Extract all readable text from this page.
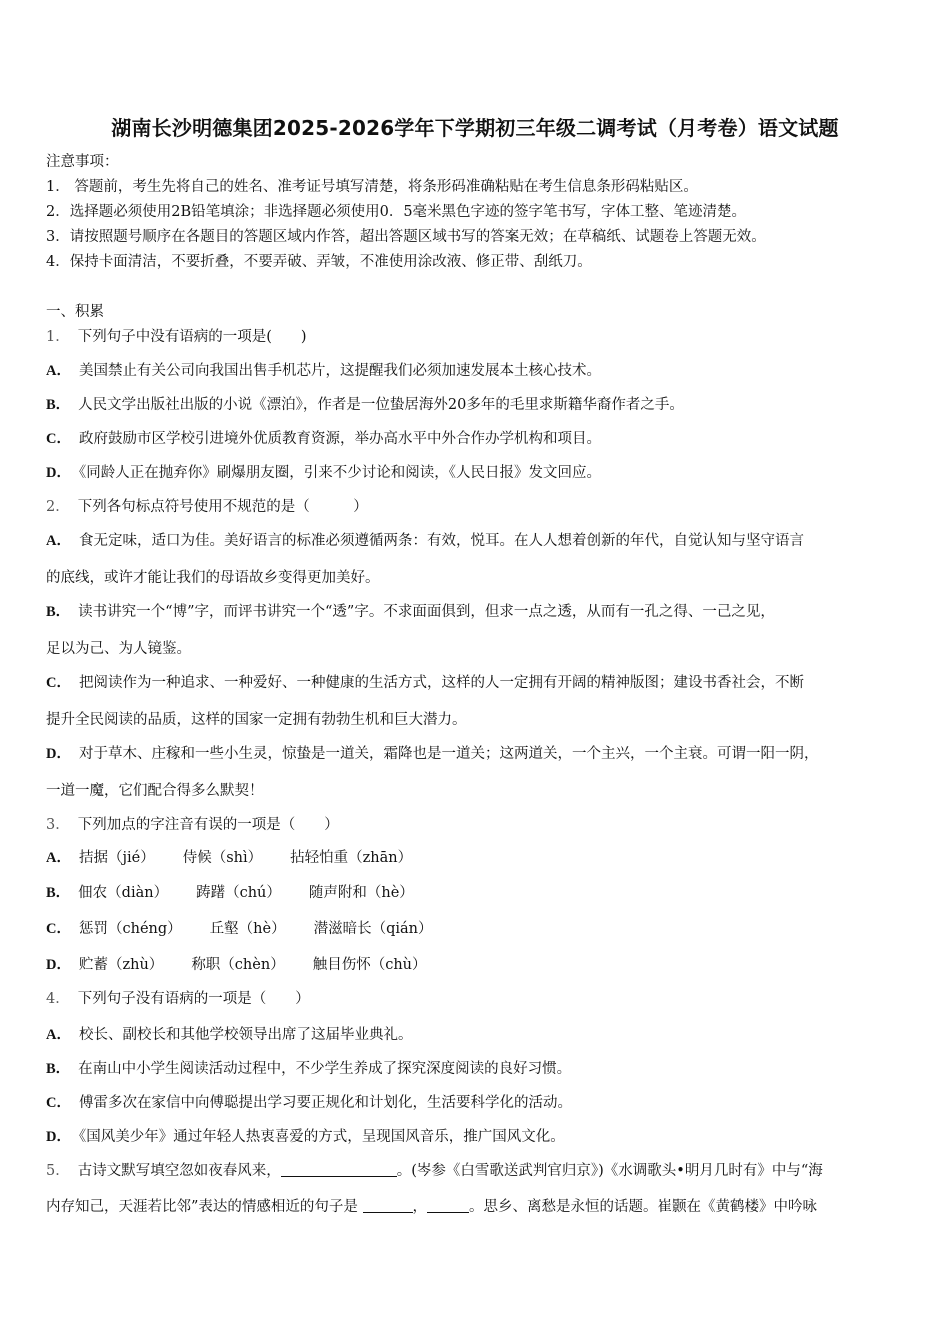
湖南长沙明德集团2025-2026学年下学期初三年级二调考试（月考卷）语文试题
注意事项：
1． 答题前，考生先将自己的姓名、准考证号填写清楚，将条形码准确粘贴在考生信息条形码粘贴区。
2．选择题必须使用2B铅笔填涂；非选择题必须使用0．5毫米黑色字迹的签字笔书写，字体工整、笔迹清楚。
3．请按照题号顺序在各题目的答题区域内作答，超出答题区域书写的答案无效；在草稿纸、试题卷上答题无效。
4．保持卡面清洁，不要折叠，不要弄破、弄皱，不准使用涂改液、修正带、刮纸刀。
一、积累
1． 下列句子中没有语病的一项是(　　)
A． 美国禁止有关公司向我国出售手机芯片，这提醒我们必须加速发展本土核心技术。
B． 人民文学出版社出版的小说《漂泊》，作者是一位蛰居海外20多年的毛里求斯籍华裔作者之手。
C． 政府鼓励市区学校引进境外优质教育资源，举办高水平中外合作办学机构和项目。
D． 《同龄人正在抛弃你》刷爆朋友圈，引来不少讨论和阅读，《人民日报》发文回应。
2． 下列各句标点符号使用不规范的是（　　　）
A． 食无定味，适口为佳。美好语言的标准必须遵循两条：有效，悦耳。在人人想着创新的年代，自觉认知与坚守语言
的底线，或许才能让我们的母语故乡变得更加美好。
B． 读书讲究一个“博”字，而评书讲究一个“透”字。不求面面俱到，但求一点之透，从而有一孔之得、一己之见，
足以为己、为人镜鉴。
C． 把阅读作为一种追求、一种爱好、一种健康的生活方式，这样的人一定拥有开阔的精神版图；建设书香社会，不断
提升全民阅读的品质，这样的国家一定拥有勃勃生机和巨大潜力。
D． 对于草木、庄稼和一些小生灵，惊蛰是一道关，霜降也是一道关；这两道关，一个主兴，一个主衰。可谓一阳一阴，
一道一魔，它们配合得多么默契！
3． 下列加点的字注音有误的一项是（　　）
A． 拮据（jié） 侍候（shì） 拈轻怕重（zhān）
B． 佃农（diàn） 踌躇（chú） 随声附和（hè）
C． 惩罚（chéng） 丘壑（hè） 潜滋暗长（qián）
D． 贮蓄（zhù） 称职（chèn） 触目伤怀（chù）
4． 下列句子没有语病的一项是（　　）
A． 校长、副校长和其他学校领导出席了这届毕业典礼。
B． 在南山中小学生阅读活动过程中，不少学生养成了探究深度阅读的良好习惯。
C． 傅雷多次在家信中向傅聪提出学习要正规化和计划化，生活要科学化的活动。
D． 《国风美少年》通过年轻人热衷喜爱的方式，呈现国风音乐，推广国风文化。
5． 古诗文默写填空忽如夜春风来，	。(岑参《白雪歌送武判官归京》)《水调歌头•明月几时有》中与“海
内存知己，天涯若比邻”表达的情感相近的句子是	，	。思乡、离愁是永恒的话题。崔颢在《黄鹤楼》中吟咏
